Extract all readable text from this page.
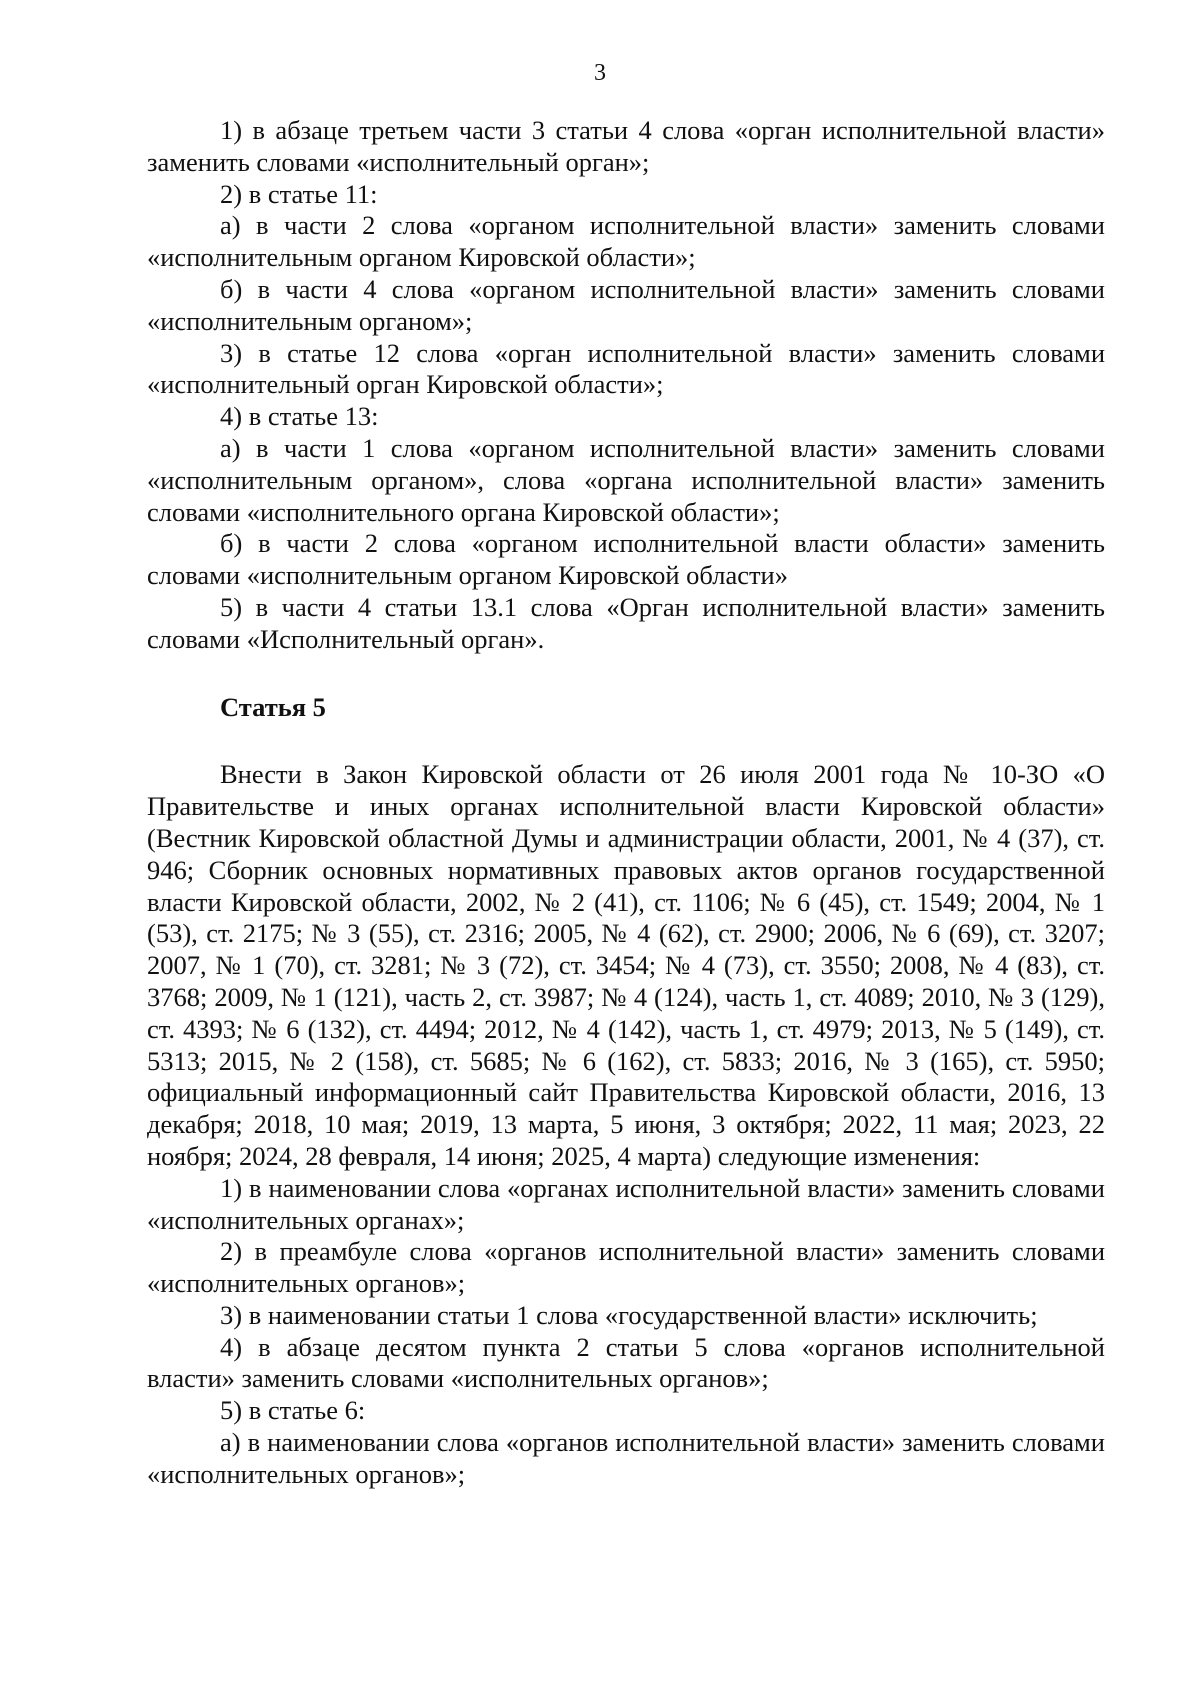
3

1) в абзаце третьем части 3 статьи 4 слова «орган исполнительной власти» заменить словами «исполнительный орган»;

2) в статье 11:

а) в части 2 слова «органом исполнительной власти» заменить словами «исполнительным органом Кировской области»;

б) в части 4 слова «органом исполнительной власти» заменить словами «исполнительным органом»;

3) в статье 12 слова «орган исполнительной власти» заменить словами «исполнительный орган Кировской области»;

4) в статье 13:

а) в части 1 слова «органом исполнительной власти» заменить словами «исполнительным органом», слова «органа исполнительной власти» заменить словами «исполнительного органа Кировской области»;

б) в части 2 слова «органом исполнительной власти области» заменить словами «исполнительным органом Кировской области»

5) в части 4 статьи 13.1 слова «Орган исполнительной власти» заменить словами «Исполнительный орган».

Статья 5

Внести в Закон Кировской области от 26 июля 2001 года № 10-ЗО «О Правительстве и иных органах исполнительной власти Кировской области» (Вестник Кировской областной Думы и администрации области, 2001, № 4 (37), ст. 946; Сборник основных нормативных правовых актов органов государственной власти Кировской области, 2002, № 2 (41), ст. 1106; № 6 (45), ст. 1549; 2004, № 1 (53), ст. 2175; № 3 (55), ст. 2316; 2005, № 4 (62), ст. 2900; 2006, № 6 (69), ст. 3207; 2007, № 1 (70), ст. 3281; № 3 (72), ст. 3454; № 4 (73), ст. 3550; 2008, № 4 (83), ст. 3768; 2009, № 1 (121), часть 2, ст. 3987; № 4 (124), часть 1, ст. 4089; 2010, № 3 (129), ст. 4393; № 6 (132), ст. 4494; 2012, № 4 (142), часть 1, ст. 4979; 2013, № 5 (149), ст. 5313; 2015, № 2 (158), ст. 5685; № 6 (162), ст. 5833; 2016, № 3 (165), ст. 5950; официальный информационный сайт Правительства Кировской области, 2016, 13 декабря; 2018, 10 мая; 2019, 13 марта, 5 июня, 3 октября; 2022, 11 мая; 2023, 22 ноября; 2024, 28 февраля, 14 июня; 2025, 4 марта) следующие изменения:

1) в наименовании слова «органах исполнительной власти» заменить словами «исполнительных органах»;

2) в преамбуле слова «органов исполнительной власти» заменить словами «исполнительных органов»;

3) в наименовании статьи 1 слова «государственной власти» исключить;

4) в абзаце десятом пункта 2 статьи 5 слова «органов исполнительной власти» заменить словами «исполнительных органов»;

5) в статье 6:

а) в наименовании слова «органов исполнительной власти» заменить словами «исполнительных органов»;
